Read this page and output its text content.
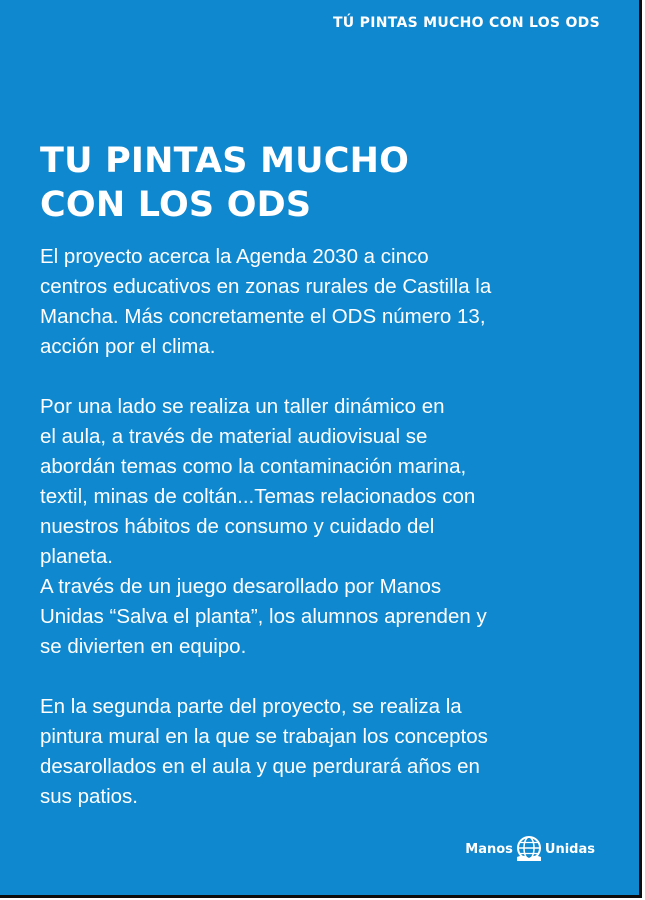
TÚ PINTAS MUCHO CON LOS ODS
TU PINTAS MUCHO
CON LOS ODS
El proyecto acerca la Agenda 2030 a cinco
centros educativos en zonas rurales de Castilla la
Mancha. Más concretamente el ODS número 13,
acción por el clima.
Por una lado se realiza un taller dinámico en
el aula, a través de material audiovisual se
abordán temas como la contaminación marina,
textil, minas de coltán...Temas relacionados con
nuestros hábitos de consumo y cuidado del
planeta.
A través de un juego desarollado por Manos
Unidas “Salva el planta”, los alumnos aprenden y
se divierten en equipo.
En la segunda parte del proyecto, se realiza la
pintura mural en la que se trabajan los conceptos
desarollados en el aula y que perdurará años en
sus patios.
Manos Unidas
